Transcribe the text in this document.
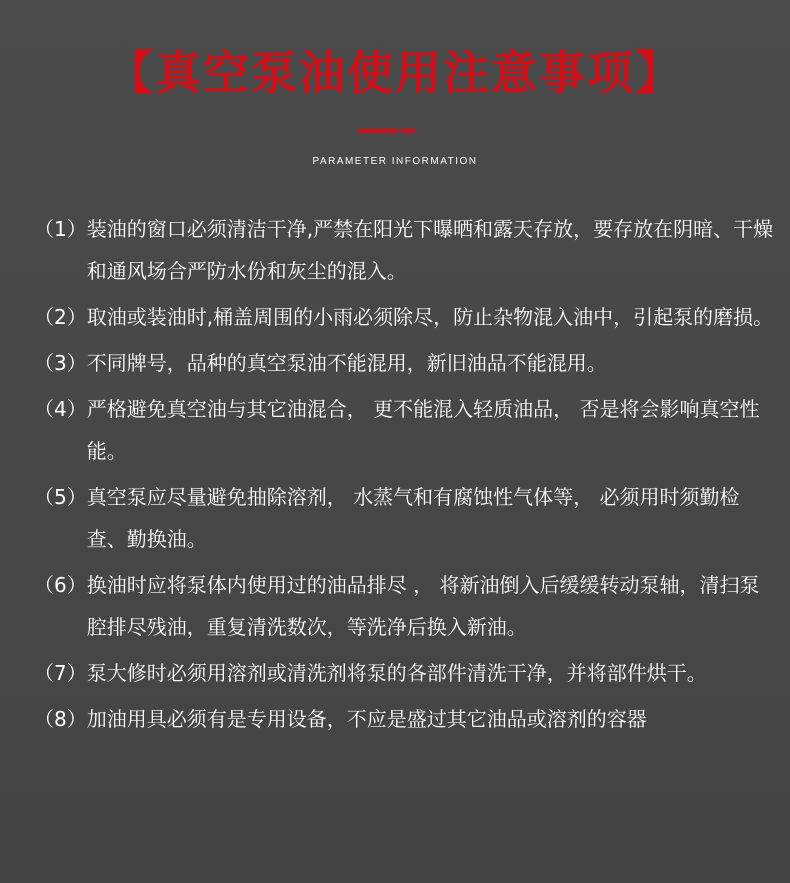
【真空泵油使用注意事项】
PARAMETER INFORMATION
（1） 装油的窗口必须清洁干净,严禁在阳光下曝晒和露天存放，要存放在阴暗、干燥和通风场合严防水份和灰尘的混入。
（2） 取油或装油时,桶盖周围的小雨必须除尽，防止杂物混入油中，引起泵的磨损。
（3） 不同牌号，品种的真空泵油不能混用，新旧油品不能混用。
（4） 严格避免真空油与其它油混合， 更不能混入轻质油品， 否是将会影响真空性能。
（5） 真空泵应尽量避免抽除溶剂， 水蒸气和有腐蚀性气体等， 必须用时须勤检查、勤换油。
（6） 换油时应将泵体内使用过的油品排尽 ， 将新油倒入后缓缓转动泵轴，清扫泵腔排尽残油，重复清洗数次，等洗净后换入新油。
（7） 泵大修时必须用溶剂或清洗剂将泵的各部件清洗干净，并将部件烘干。
（8） 加油用具必须有是专用设备，不应是盛过其它油品或溶剂的容器
